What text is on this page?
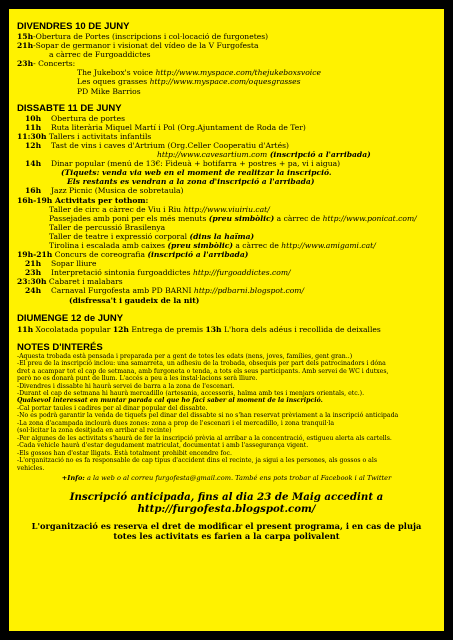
DIVENDRES 10 DE JUNY
15h-Obertura de Portes (inscripcions i col·locació de furgonetes)
21h-Sopar de germanor i visionat del vídeo de la V Furgofesta
a càrrec de Furgoaddictes
23h- Concerts:
The Jukebox's voice http://www.myspace.com/thejukeboxsvoice
Les oques grasses http://www.myspace.com/oquesgrasses
PD Mike Barrios
DISSABTE 11 DE JUNY
10h Obertura de portes
11h Ruta literària Miquel Martí i Pol (Org.Ajuntament de Roda de Ter)
11:30h Tallers i activitats infantils
12h Tast de vins i caves d'Artrium (Org.Celler Cooperatiu d'Artés)
http://www.cavesartium.com (inscripció a l'arribada)
14h Dinar popular (menú de 13€: Fideuà + botifarra + postres + pa, vi i aigua)
(Tiquets: venda via web en el moment de realitzar la inscripció.
Els restants es vendran a la zona d'inscripció a l'arribada)
16h Jazz Picnic (Musica de sobretaula)
16h-19h Activitats per tothom:
Taller de circ a càrrec de Viu i Riu http://www.viuiriu.cat/
Passejades amb poni per els més menuts (preu simbòlic) a càrrec de http://www.ponicat.com/
Taller de percussió Brasilenya
Taller de teatre i expressió corporal (dins la haïma)
Tirolina i escalada amb caixes (preu simbòlic) a càrrec de http://www.amigami.cat/
19h-21h Concurs de coreografia (inscripció a l'arribada)
21h Sopar lliure
23h Interpretació sintonia furgoaddictes http://furgoaddictes.com/
23:30h Cabaret i malabars
24h Carnaval Furgofesta amb PD BARNI http://pdbarni.blogspot.com/
(disfressa't i gaudeix de la nit)
DIUMENGE 12 de JUNY
11h Xocolatada popular 12h Entrega de premis 13h L'hora dels adéus i recollida de deixalles
NOTES D'INTERÉS
-Aquesta trobada està pensada i preparada per a gent de totes les edats (nens, joves, famílies, gent gran..)
-El preu de la inscripció inclou: una samarreta, un adhesiu de la trobada, obsequis per part dels patrocinadors i dóna
dret a acampar tot el cap de setmana, amb furgoneta o tenda, a tots els seus participants. Amb servei de WC i dutxes,
però no es donarà punt de llum. L'accés a peu a les instal·lacions serà lliure.
-Divendres i dissabte hi haurà servei de barra a la zona de l'escenari.
-Durant el cap de setmana hi haurà mercadillo (artesania, accessoris, haïma amb tes i menjars orientals, etc.).
Qualsevol interessat en muntar parada cal que ho faci saber al moment de la inscripció.
-Cal portar taules i cadires per al dinar popular del dissabte.
-No es podrà garantir la venda de tiquets pel dinar del dissabte si no s'han reservat prèviament a la inscripció anticipada
-La zona d'acampada inclourà dues zones: zona a prop de l'escenari i el mercadillo, i zona tranquil·la
(sol·licitar la zona desitjada en arribar al recinte)
-Per algunes de les activitats s'haurà de fer la inscripció prèvia al arribar a la concentració, estigueu alerta als cartells.
-Cada vehicle haurà d'estar degudament matriculat, documentat i amb l'assegurança vigent.
-Els gossos han d'estar lligats. Està totalment prohibit encendre foc.
-L'organització no es fa responsable de cap tipus d'accident dins el recinte, ja sigui a les persones, als gossos o als
vehicles.
+Info: a la web o al correu furgofesta@gmail.com. També ens pots trobar al Facebook i al Twitter
Inscripció anticipada, fins al dia 23 de Maig accedint a
http://furgofesta.blogspot.com/
L'organització es reserva el dret de modificar el present programa, i en cas de pluja
totes les activitats es farien a la carpa polivalent
